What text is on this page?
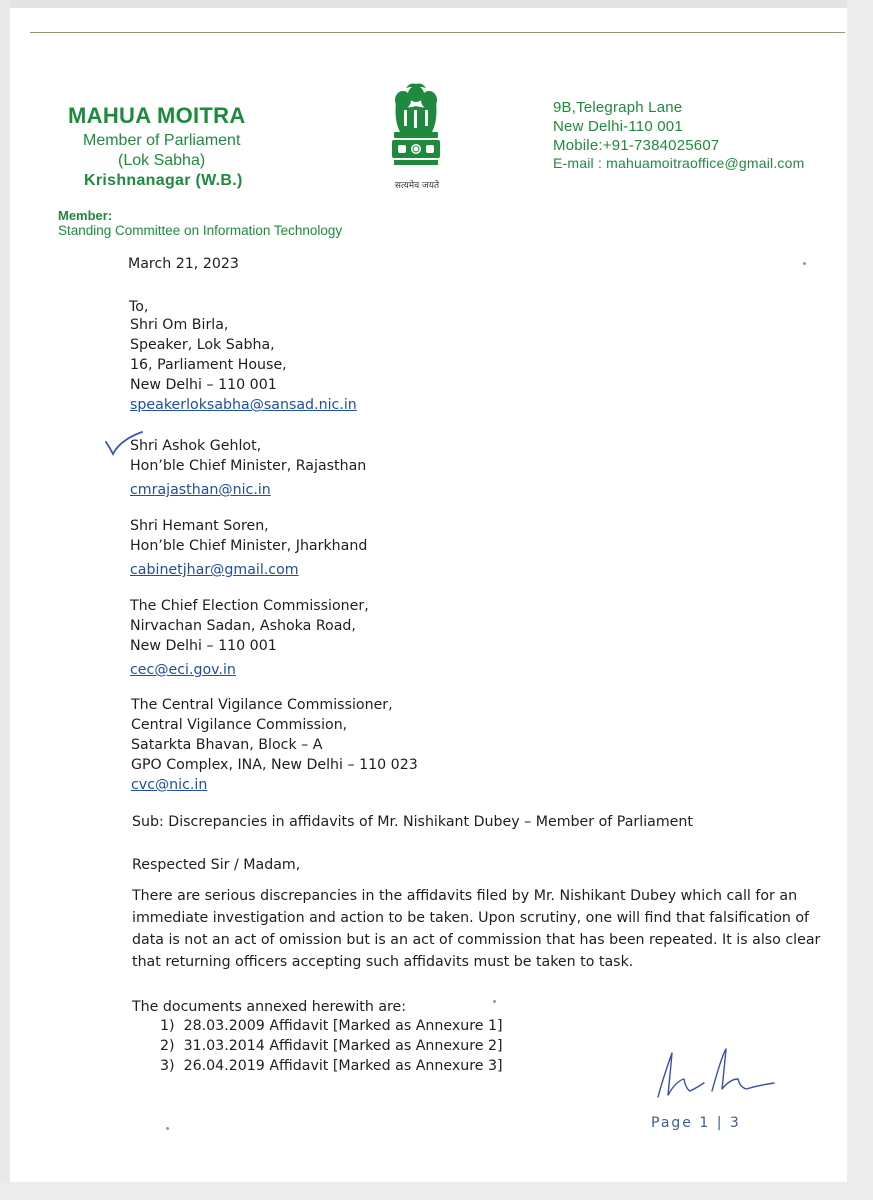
MAHUA MOITRA
Member of Parliament
(Lok Sabha)
Krishnanagar (W.B.)
Member:
Standing Committee on Information Technology
सत्यमेव जयते
9B,Telegraph Lane
New Delhi-110 001
Mobile:+91-7384025607
E-mail : mahuamoitraoffice@gmail.com
March 21, 2023
To,
Shri Om Birla,
Speaker, Lok Sabha,
16, Parliament House,
New Delhi – 110 001
speakerloksabha@sansad.nic.in
Shri Ashok Gehlot,
Hon’ble Chief Minister, Rajasthan
cmrajasthan@nic.in
Shri Hemant Soren,
Hon’ble Chief Minister, Jharkhand
cabinetjhar@gmail.com
The Chief Election Commissioner,
Nirvachan Sadan, Ashoka Road,
New Delhi – 110 001
cec@eci.gov.in
The Central Vigilance Commissioner,
Central Vigilance Commission,
Satarkta Bhavan, Block – A
GPO Complex, INA, New Delhi – 110 023
cvc@nic.in
Sub: Discrepancies in affidavits of Mr. Nishikant Dubey – Member of Parliament
Respected Sir / Madam,
There are serious discrepancies in the affidavits filed by Mr. Nishikant Dubey which call for an immediate investigation and action to be taken. Upon scrutiny, one will find that falsification of data is not an act of omission but is an act of commission that has been repeated. It is also clear that returning officers accepting such affidavits must be taken to task.
The documents annexed herewith are:
1) 28.03.2009 Affidavit [Marked as Annexure 1]
2) 31.03.2014 Affidavit [Marked as Annexure 2]
3) 26.04.2019 Affidavit [Marked as Annexure 3]
Page 1 | 3
